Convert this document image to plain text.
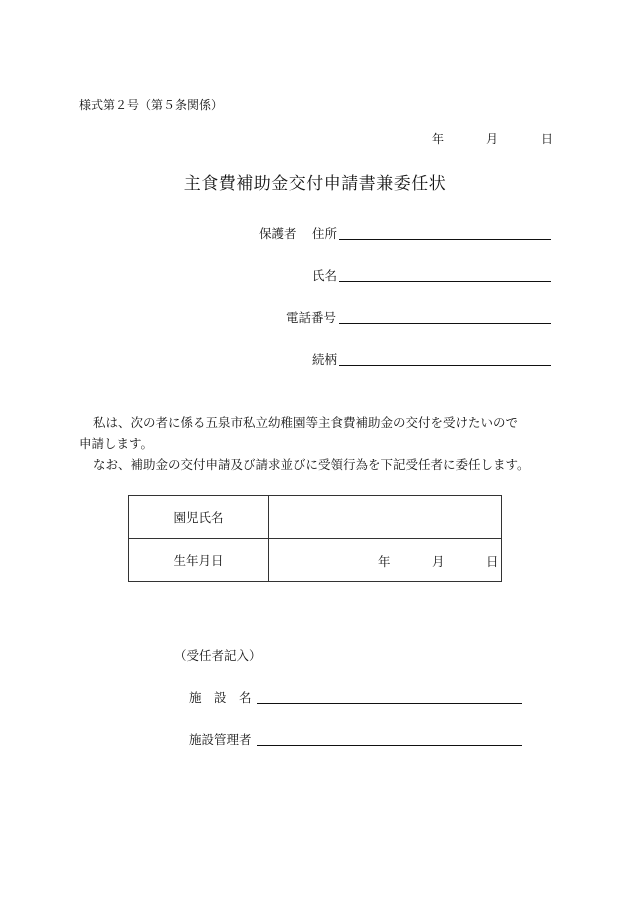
様式第２号（第５条関係）
年	月	日
主食費補助金交付申請書兼委任状
保護者 住所
氏名
電話番号
続柄
私は、次の者に係る五泉市私立幼稚園等主食費補助金の交付を受けたいので
申請します。
なお、補助金の交付申請及び請求並びに受領行為を下記受任者に委任します。
園児氏名	
生年月日	年 月 日
（受任者記入）
施　設　名
施設管理者
